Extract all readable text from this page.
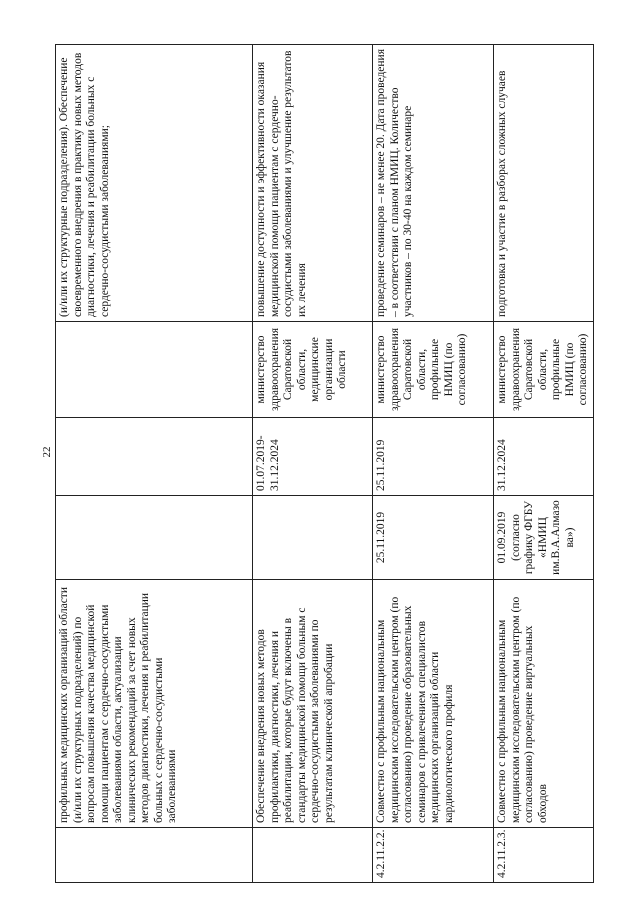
22
	профильных медицинских организаций области (и/или их структурных подразделений) по вопросам повышения качества медицинской помощи пациентам с сердечно-сосудистыми заболеваниями области, актуализации клинических рекомендаций за счет новых методов диагностики, лечения и реабилитации больных с сердечно-сосудистыми заболеваниями				(и/или их структурные подразделения). Обеспечение своевременного внедрения в практику новых методов диагностики, лечения и реабилитации больных с сердечно-сосудистыми заболеваниями;
	Обеспечение внедрения новых методов профилактики, диагностики, лечения и реабилитации, которые будут включены в стандарты медицинской помощи больным с сердечно-сосудистыми заболеваниями по результатам клинической апробации		01.07.2019-31.12.2024	министерство здравоохранения Саратовской области, медицинские организации области	повышение доступности и эффективности оказания медицинской помощи пациентам с сердечно-сосудистыми заболеваниями и улучшение результатов их лечения
4.2.11.2.2.	Совместно с профильным национальным медицинским исследовательским центром (по согласованию) проведение образовательных семинаров с привлечением специалистов медицинских организаций области кардиологического профиля	25.11.2019	25.11.2019	министерство здравоохранения Саратовской области, профильные НМИЦ (по согласованию)	проведение семинаров – не менее 20. Дата проведения – в соответствии с планом НМИЦ. Количество участников – по 30-40 на каждом семинаре
4.2.11.2.3.	Совместно с профильным национальным медицинским исследовательским центром (по согласованию) проведение виртуальных обходов	01.09.2019 (согласно графику ФГБУ «НМИЦ им.В.А.Алмазова»)	31.12.2024	министерство здравоохранения Саратовской области, профильные НМИЦ (по согласованию)	подготовка и участие в разборах сложных случаев
